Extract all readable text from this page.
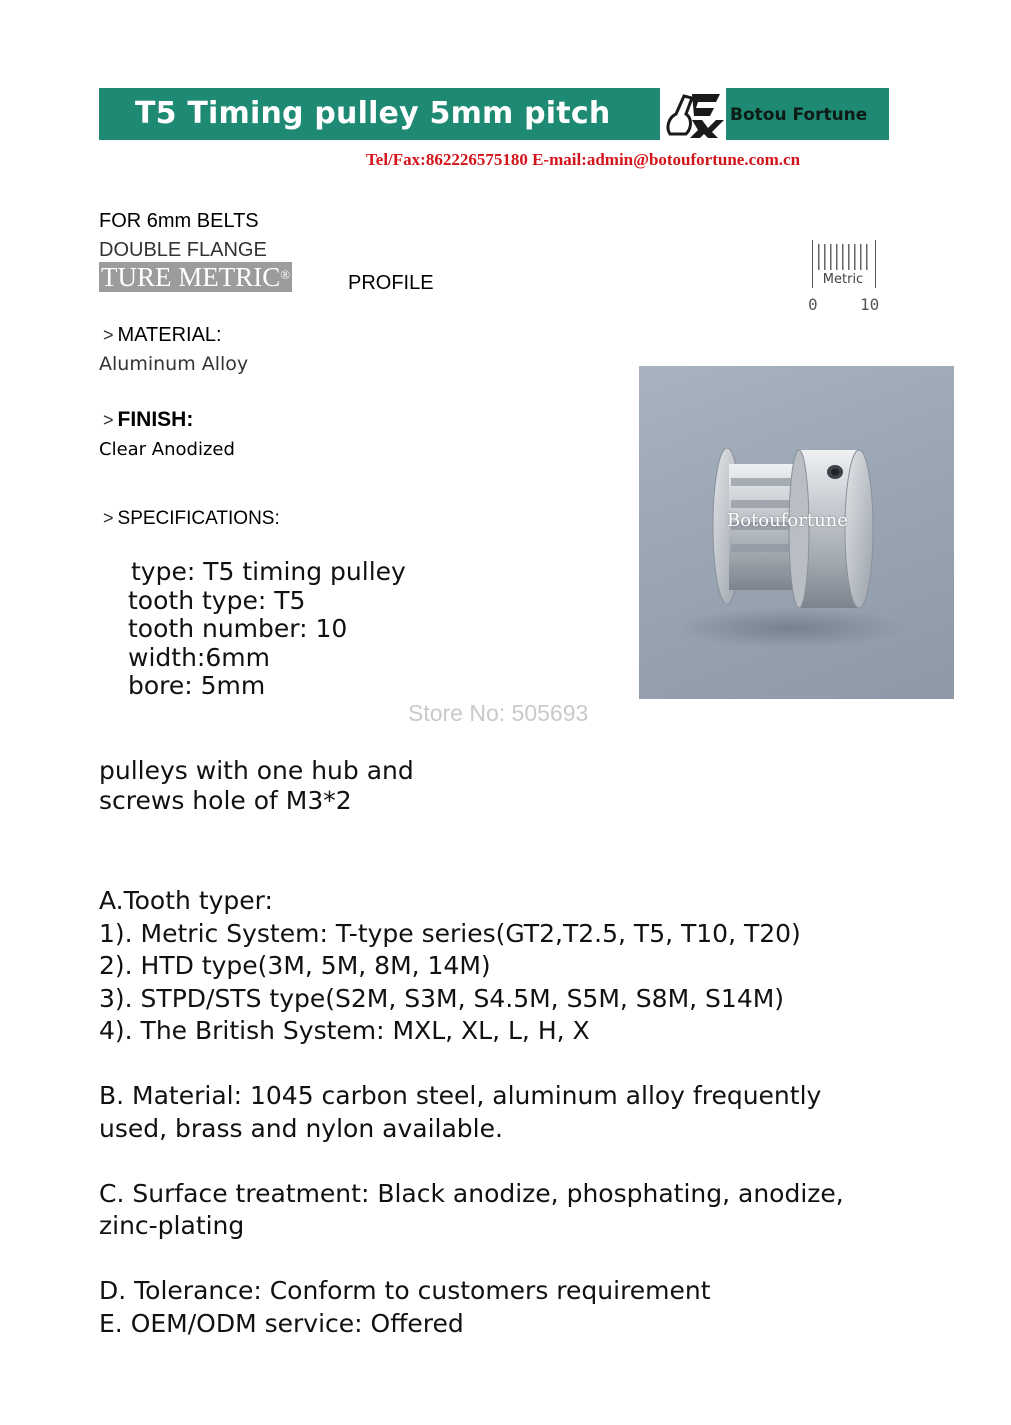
T5 Timing pulley 5mm pitch	Botou Fortune
Tel/Fax:862226575180 E-mail:admin@botoufortune.com.cn
FOR 6mm BELTS
DOUBLE FLANGE
TURE METRIC®	PROFILE	Metric
0	10
> MATERIAL:
Aluminum Alloy
> FINISH:
Clear Anodized
> SPECIFICATIONS:
type: T5 timing pulley
tooth type: T5
tooth number: 10
width:6mm
bore: 5mm
Botoufortune
Store No: 505693
pulleys with one hub and
screws hole of M3*2
A.Tooth typer:
1). Metric System: T-type series(GT2,T2.5, T5, T10, T20)
2). HTD type(3M, 5M, 8M, 14M)
3). STPD/STS type(S2M, S3M, S4.5M, S5M, S8M, S14M)
4). The British System: MXL, XL, L, H, X
B. Material: 1045 carbon steel, aluminum alloy frequently
used, brass and nylon available.
C. Surface treatment: Black anodize, phosphating, anodize,
zinc-plating
D. Tolerance: Conform to customers requirement
E. OEM/ODM service: Offered
